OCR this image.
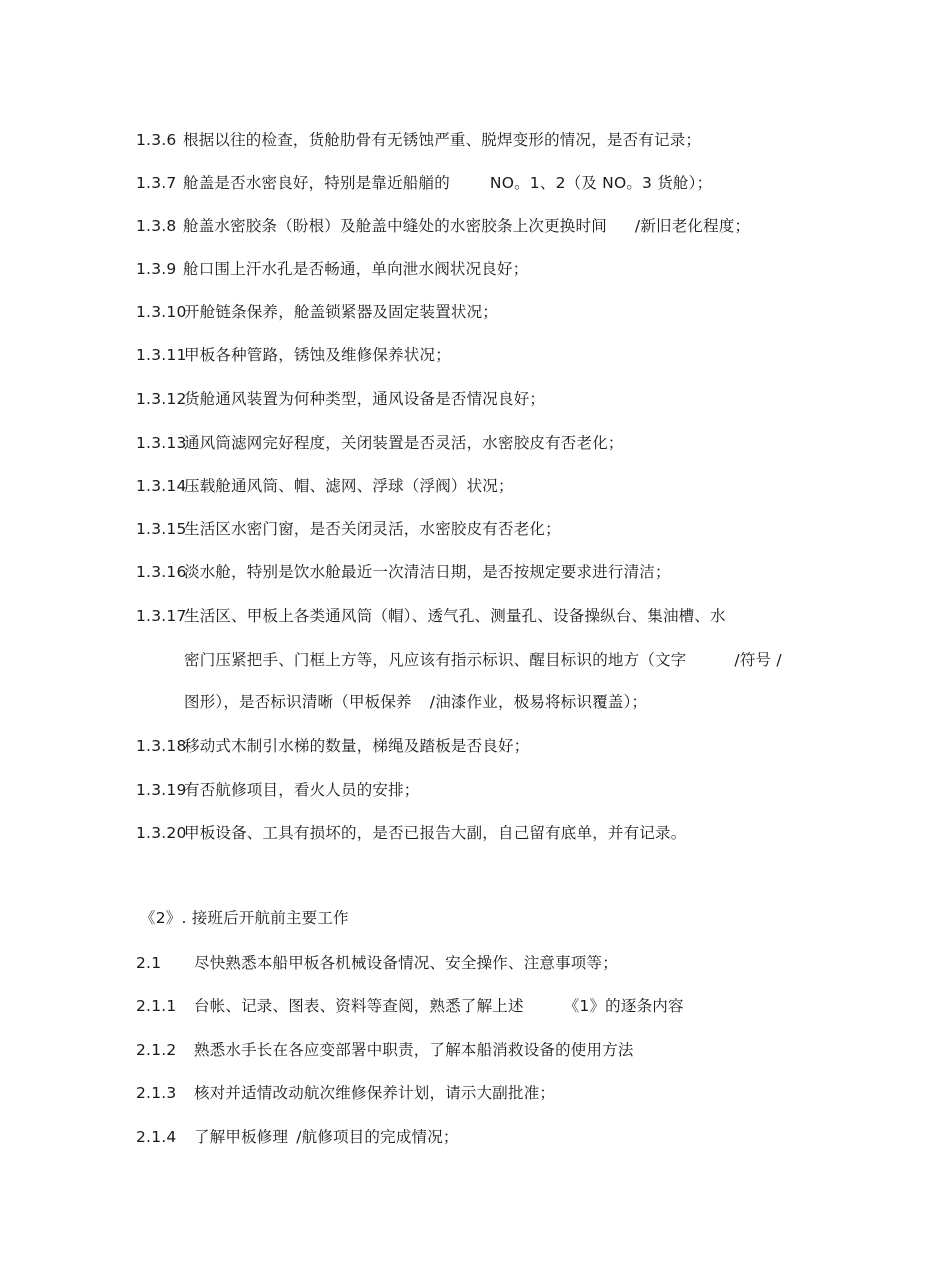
1.3.6 根据以往的检查，货舱肋骨有无锈蚀严重、脱焊变形的情况，是否有记录；
1.3.7 舱盖是否水密良好，特别是靠近船艏的	NO。1、2（及 NO。3 货舱）；
1.3.8 舱盖水密胶条（盼根）及舱盖中缝处的水密胶条上次更换时间 /新旧老化程度；
1.3.9 舱口围上汗水孔是否畅通，单向泄水阀状况良好；
1.3.10开舱链条保养，舱盖锁紧器及固定装置状况；
1.3.11甲板各种管路，锈蚀及维修保养状况；
1.3.12货舱通风装置为何种类型，通风设备是否情况良好；
1.3.13通风筒滤网完好程度，关闭装置是否灵活，水密胶皮有否老化；
1.3.14压载舱通风筒、帽、滤网、浮球（浮阀）状况；
1.3.15生活区水密门窗，是否关闭灵活，水密胶皮有否老化；
1.3.16淡水舱，特别是饮水舱最近一次清洁日期，是否按规定要求进行清洁；
1.3.17生活区、甲板上各类通风筒（帽）、透气孔、测量孔、设备操纵台、集油槽、水
密门压紧把手、门框上方等，凡应该有指示标识、醒目标识的地方（文字	/符号 /
图形），是否标识清晰（甲板保养 /油漆作业，极易将标识覆盖）；
1.3.18移动式木制引水梯的数量，梯绳及踏板是否良好；
1.3.19有否航修项目，看火人员的安排；
1.3.20甲板设备、工具有损坏的，是否已报告大副，自己留有底单，并有记录。
《2》. 接班后开航前主要工作
2.1 尽快熟悉本船甲板各机械设备情况、安全操作、注意事项等；
2.1.1 台帐、记录、图表、资料等查阅，熟悉了解上述	《1》的逐条内容
2.1.2 熟悉水手长在各应变部署中职责，了解本船消救设备的使用方法
2.1.3 核对并适情改动航次维修保养计划，请示大副批准；
2.1.4 了解甲板修理 /航修项目的完成情况；
